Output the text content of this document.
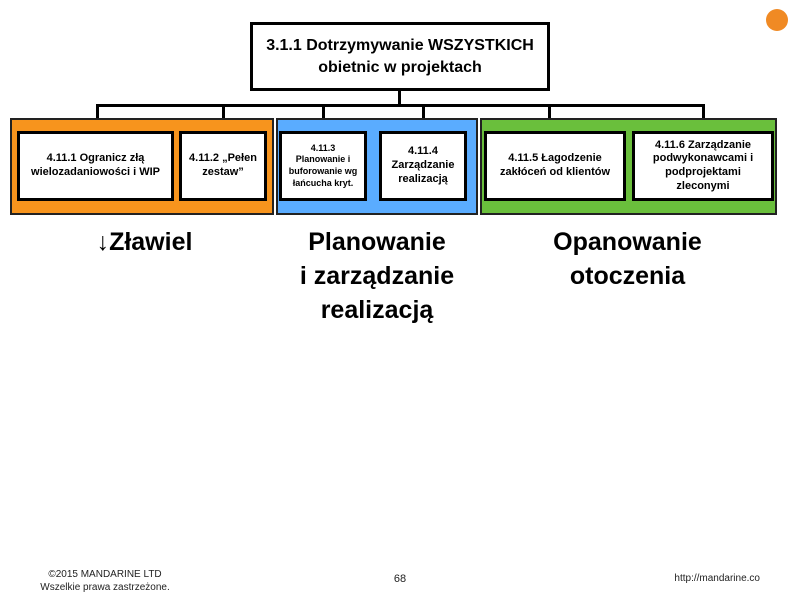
3.1.1 Dotrzymywanie WSZYSTKICH
obietnic w projektach
4.11.1 Ogranicz złą
wielozadaniowości i WIP
4.11.2 „Pełen
zestaw”
4.11.3
Planowanie i
buforowanie wg
łańcucha kryt.
4.11.4
Zarządzanie
realizacją
4.11.5 Łagodzenie
zakłóceń od klientów
4.11.6 Zarządzanie
podwykonawcami i
podprojektami zleconymi
↓Zławiel	Planowanie
i zarządzanie
realizacją
Opanowanie
otoczenia
©2015 MANDARINE LTD
Wszelkie prawa zastrzeżone.
68	http://mandarine.co
